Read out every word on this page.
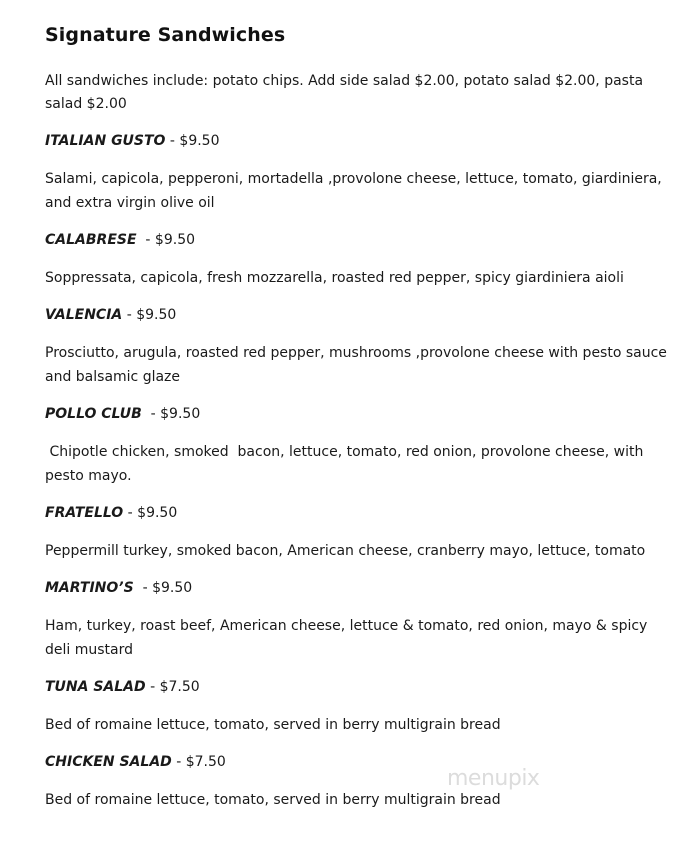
Signature Sandwiches
All sandwiches include: potato chips. Add side salad $2.00, potato salad $2.00, pasta salad $2.00
ITALIAN GUSTO - $9.50
Salami, capicola, pepperoni, mortadella ,provolone cheese, lettuce, tomato, giardiniera, and extra virgin olive oil
CALABRESE  - $9.50
Soppressata, capicola, fresh mozzarella, roasted red pepper, spicy giardiniera aioli
VALENCIA - $9.50
Prosciutto, arugula, roasted red pepper, mushrooms ,provolone cheese with pesto sauce and balsamic glaze
POLLO CLUB  - $9.50
Chipotle chicken, smoked  bacon, lettuce, tomato, red onion, provolone cheese, with pesto mayo.
FRATELLO - $9.50
Peppermill turkey, smoked bacon, American cheese, cranberry mayo, lettuce, tomato
MARTINO’S  - $9.50
Ham, turkey, roast beef, American cheese, lettuce & tomato, red onion, mayo & spicy deli mustard
TUNA SALAD - $7.50
Bed of romaine lettuce, tomato, served in berry multigrain bread
CHICKEN SALAD - $7.50
Bed of romaine lettuce, tomato, served in berry multigrain bread
menupix
